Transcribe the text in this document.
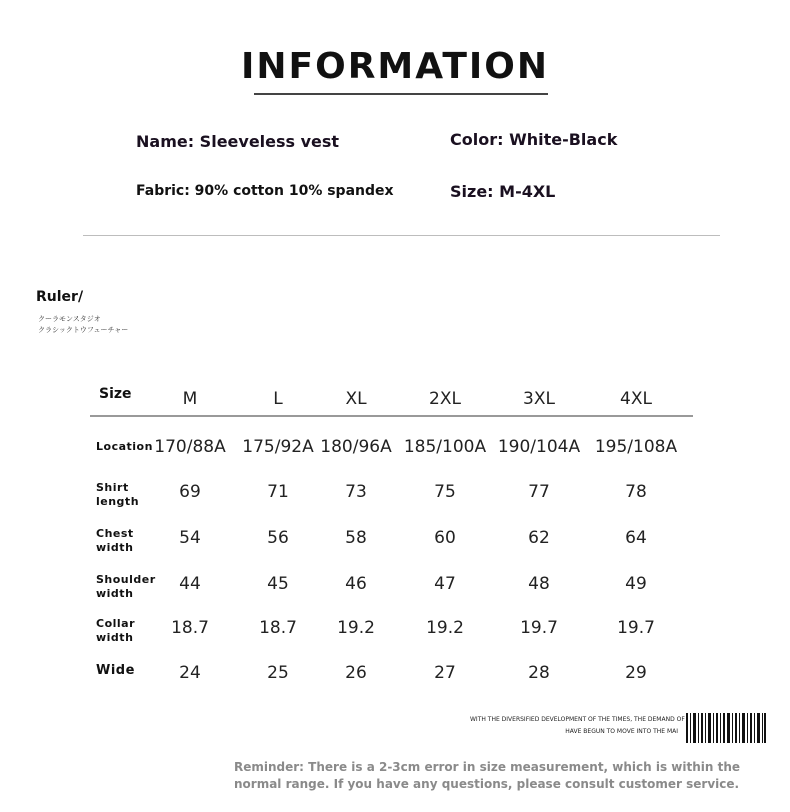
INFORMATION
Name: Sleeveless vest	Color: White-Black
Fabric: 90% cotton 10% spandex	Size: M-4XL
Ruler/
クーラモンスタジオ
クラシックトウフューチャー
Size	M	L	XL	2XL	3XL	4XL
Location 170/88A 175/92A 180/96A 185/100A 190/104A 195/108A
Shirt
length	69	71	73	75	77	78
Chest
width	54	56	58	60	62	64
Shoulder
width	44	45	46	47	48	49
Collar
width	18.7	18.7	19.2	19.2	19.7	19.7
Wide	24	25	26	27	28	29
WITH THE DIVERSIFIED DEVELOPMENT OF THE TIMES, THE DEMAND OF
HAVE BEGUN TO MOVE INTO THE MAI
Reminder: There is a 2-3cm error in size measurement, which is within the normal range. If you have any questions, please consult customer service.
